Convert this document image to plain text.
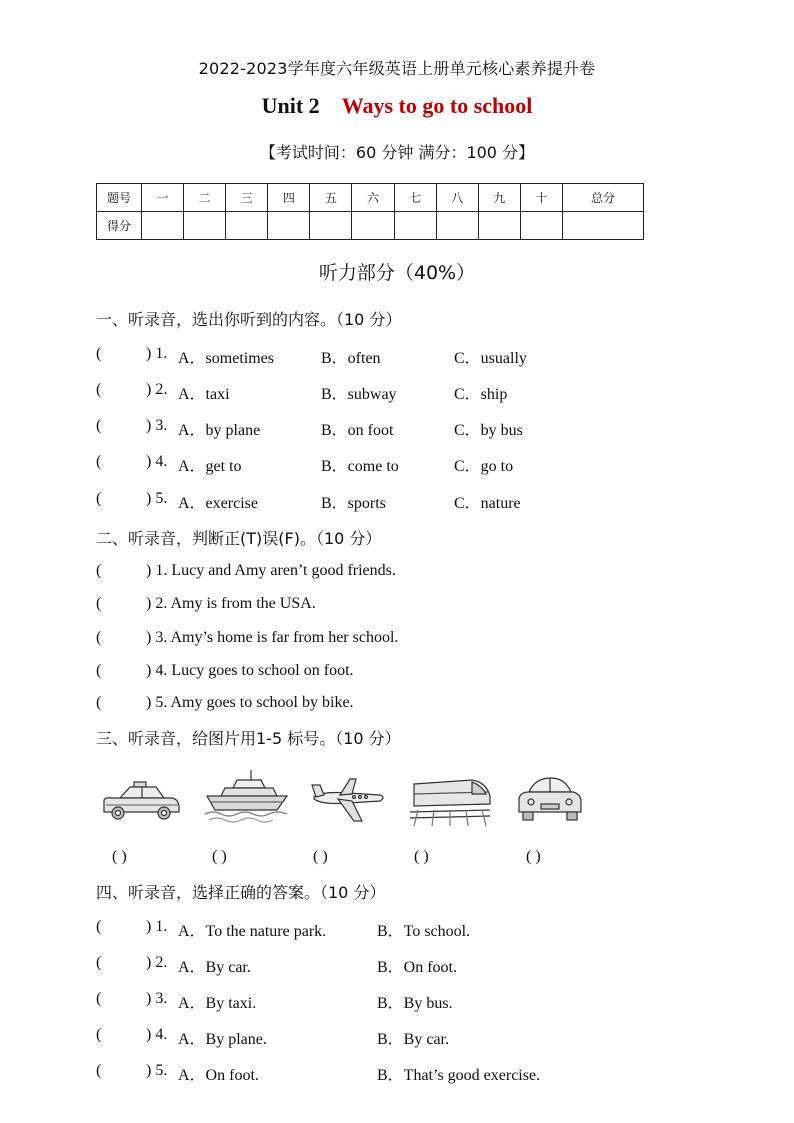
2022-2023学年度六年级英语上册单元核心素养提升卷
Unit 2 Ways to go to school
【考试时间：60 分钟 满分：100 分】
题号	一	二	三	四	五	六	七	八	九	十	总分
得分											
听力部分（40%）
一、听录音，选出你听到的内容。（10 分）
(	) 1. A．sometimes	B．often	C．usually
(	) 2. A．taxi	B．subway	C．ship
(	) 3. A．by plane	B．on foot	C．by bus
(	) 4. A．get to	B．come to	C．go to
(	) 5. A．exercise	B．sports	C．nature
二、听录音，判断正(T)误(F)。（10 分）
(	) 1. Lucy and Amy aren’t good friends.
(	) 2. Amy is from the USA.
(	) 3. Amy’s home is far from her school.
(	) 4. Lucy goes to school on foot.
(	) 5. Amy goes to school by bike.
三、听录音，给图片用1-5 标号。（10 分）
( )	( )	( )	( )	( )
四、听录音，选择正确的答案。（10 分）
(	) 1. A．To the nature park.	B．To school.
(	) 2. A．By car.	B．On foot.
(	) 3. A．By taxi.	B．By bus.
(	) 4. A．By plane.	B．By car.
(	) 5. A．On foot.	B．That’s good exercise.
